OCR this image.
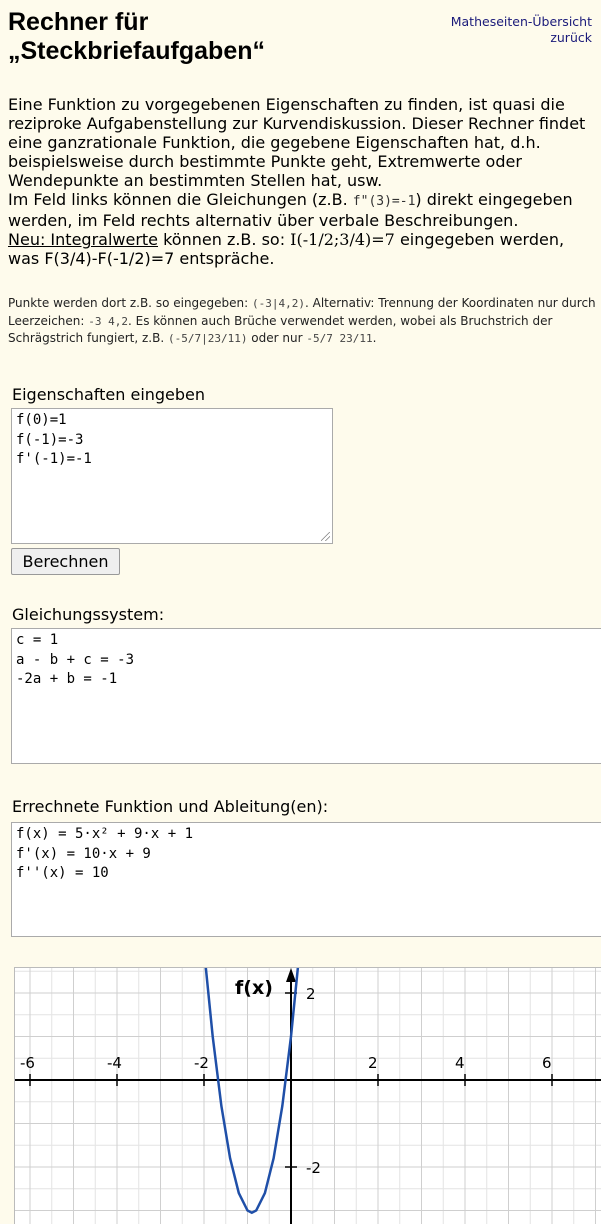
Rechner für
„Steckbriefaufgaben“
Matheseiten-Übersicht
zurück

Eine Funktion zu vorgegebenen Eigenschaften zu finden, ist quasi die reziproke Aufgabenstellung zur Kurvendiskussion. Dieser Rechner findet eine ganzrationale Funktion, die gegebene Eigenschaften hat, d.h. beispielsweise durch bestimmte Punkte geht, Extremwerte oder Wendepunkte an bestimmten Stellen hat, usw.

Im Feld links können die Gleichungen (z.B. f"(3)=-1) direkt eingegeben werden, im Feld rechts alternativ über verbale Beschreibungen.

Neu: Integralwerte können z.B. so: I(-1/2;3/4)=7 eingegeben werden, was F(3/4)-F(-1/2)=7 entspräche.

Punkte werden dort z.B. so eingegeben: (-3|4,2). Alternativ: Trennung der Koordinaten nur durch Leerzeichen: -3 4,2. Es können auch Brüche verwendet werden, wobei als Bruchstrich der Schrägstrich fungiert, z.B. (-5/7|23/11) oder nur -5/7 23/11.
Eigenschaften eingeben
f(0)=1
f(-1)=-3
f'(-1)=-1
Berechnen
Gleichungssystem:
c = 1
a - b + c = -3
-2a + b = -1
Errechnete Funktion und Ableitung(en):
f(x) = 5·x² + 9·x + 1
f'(x) = 10·x + 9
f''(x) = 10
-6	-4	-2	2	4	6
2
-2
f(x)
